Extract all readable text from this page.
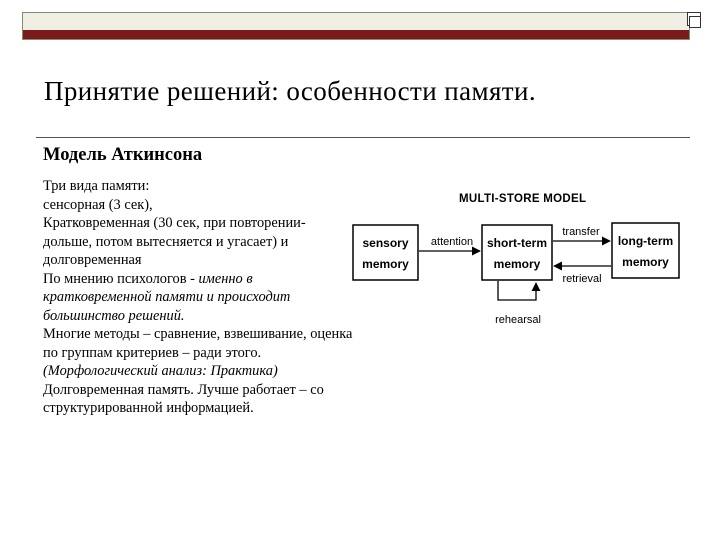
Принятие решений: особенности памяти.
Модель Аткинсона

Три вида памяти:

сенсорная (3 сек),

Кратковременная (30 сек, при повторении-дольше, потом вытесняется и угасает) и долговременная

По мнению психологов - именно в кратковременной памяти и происходит большинство решений.

Многие методы – сравнение, взвешивание, оценка по группам критериев – ради этого.

(Морфологический анализ: Практика)

Долговременная память. Лучше работает – со структурированной информацией.

MULTI-STORE MODEL
sensory
memory
short-term
memory
long-term
memory
attention
transfer
retrieval
rehearsal
